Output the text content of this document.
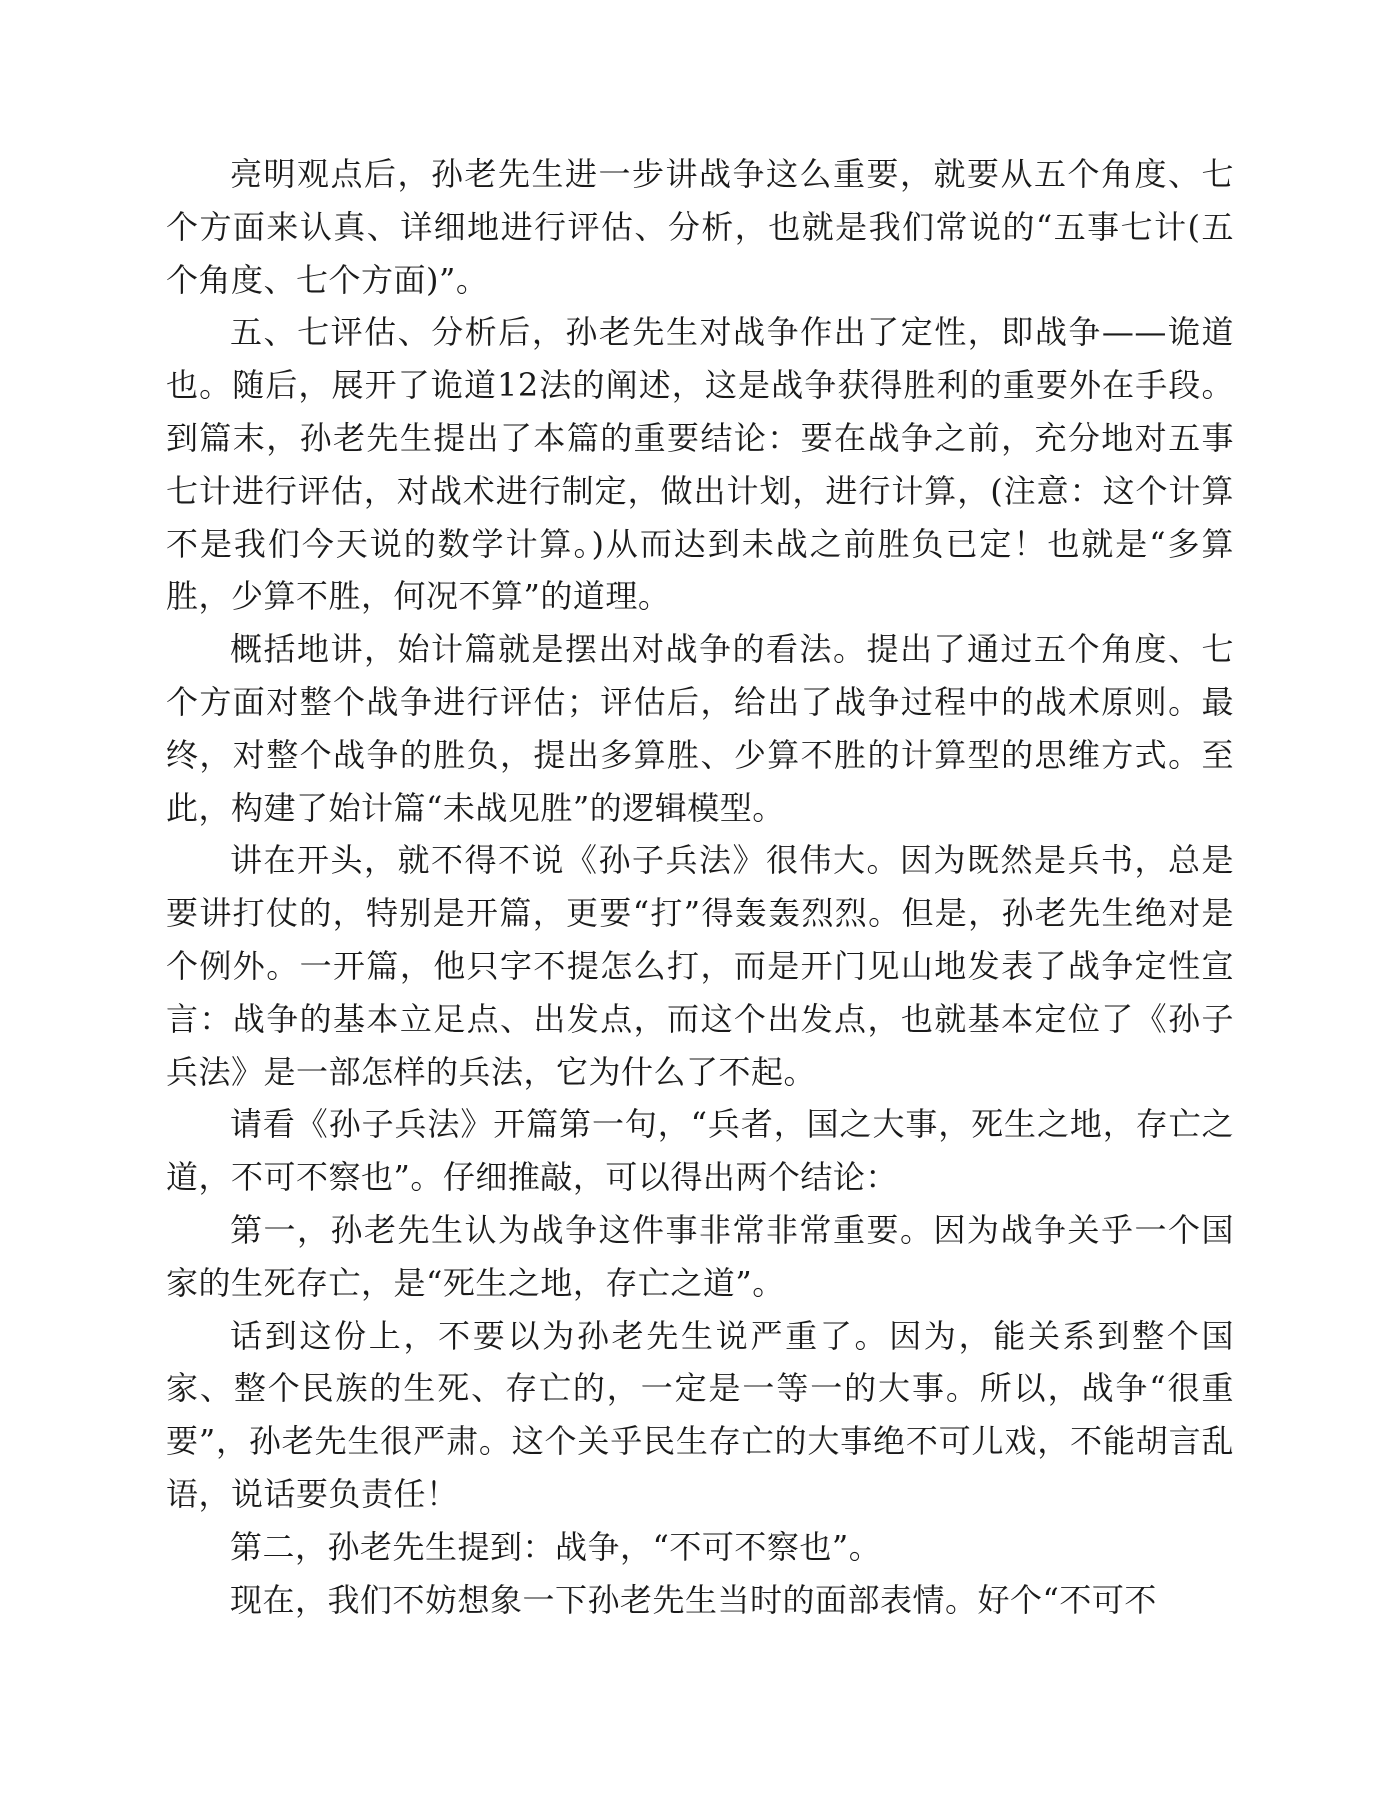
亮明观点后，孙老先生进一步讲战争这么重要，就要从五个角度、七个方面来认真、详细地进行评估、分析，也就是我们常说的“五事七计(五个角度、七个方面)”。

五、七评估、分析后，孙老先生对战争作出了定性，即战争——诡道也。随后，展开了诡道12法的阐述，这是战争获得胜利的重要外在手段。到篇末，孙老先生提出了本篇的重要结论：要在战争之前，充分地对五事七计进行评估，对战术进行制定，做出计划，进行计算，(注意：这个计算不是我们今天说的数学计算。)从而达到未战之前胜负已定！也就是“多算胜，少算不胜，何况不算”的道理。

概括地讲，始计篇就是摆出对战争的看法。提出了通过五个角度、七个方面对整个战争进行评估；评估后，给出了战争过程中的战术原则。最终，对整个战争的胜负，提出多算胜、少算不胜的计算型的思维方式。至此，构建了始计篇“未战见胜”的逻辑模型。

讲在开头，就不得不说《孙子兵法》很伟大。因为既然是兵书，总是要讲打仗的，特别是开篇，更要“打”得轰轰烈烈。但是，孙老先生绝对是个例外。一开篇，他只字不提怎么打，而是开门见山地发表了战争定性宣言：战争的基本立足点、出发点，而这个出发点，也就基本定位了《孙子兵法》是一部怎样的兵法，它为什么了不起。

请看《孙子兵法》开篇第一句，“兵者，国之大事，死生之地，存亡之道，不可不察也”。仔细推敲，可以得出两个结论：

第一，孙老先生认为战争这件事非常非常重要。因为战争关乎一个国家的生死存亡，是“死生之地，存亡之道”。

话到这份上，不要以为孙老先生说严重了。因为，能关系到整个国家、整个民族的生死、存亡的，一定是一等一的大事。所以，战争“很重要”，孙老先生很严肃。这个关乎民生存亡的大事绝不可儿戏，不能胡言乱语，说话要负责任！

第二，孙老先生提到：战争，“不可不察也”。

现在，我们不妨想象一下孙老先生当时的面部表情。好个“不可不
